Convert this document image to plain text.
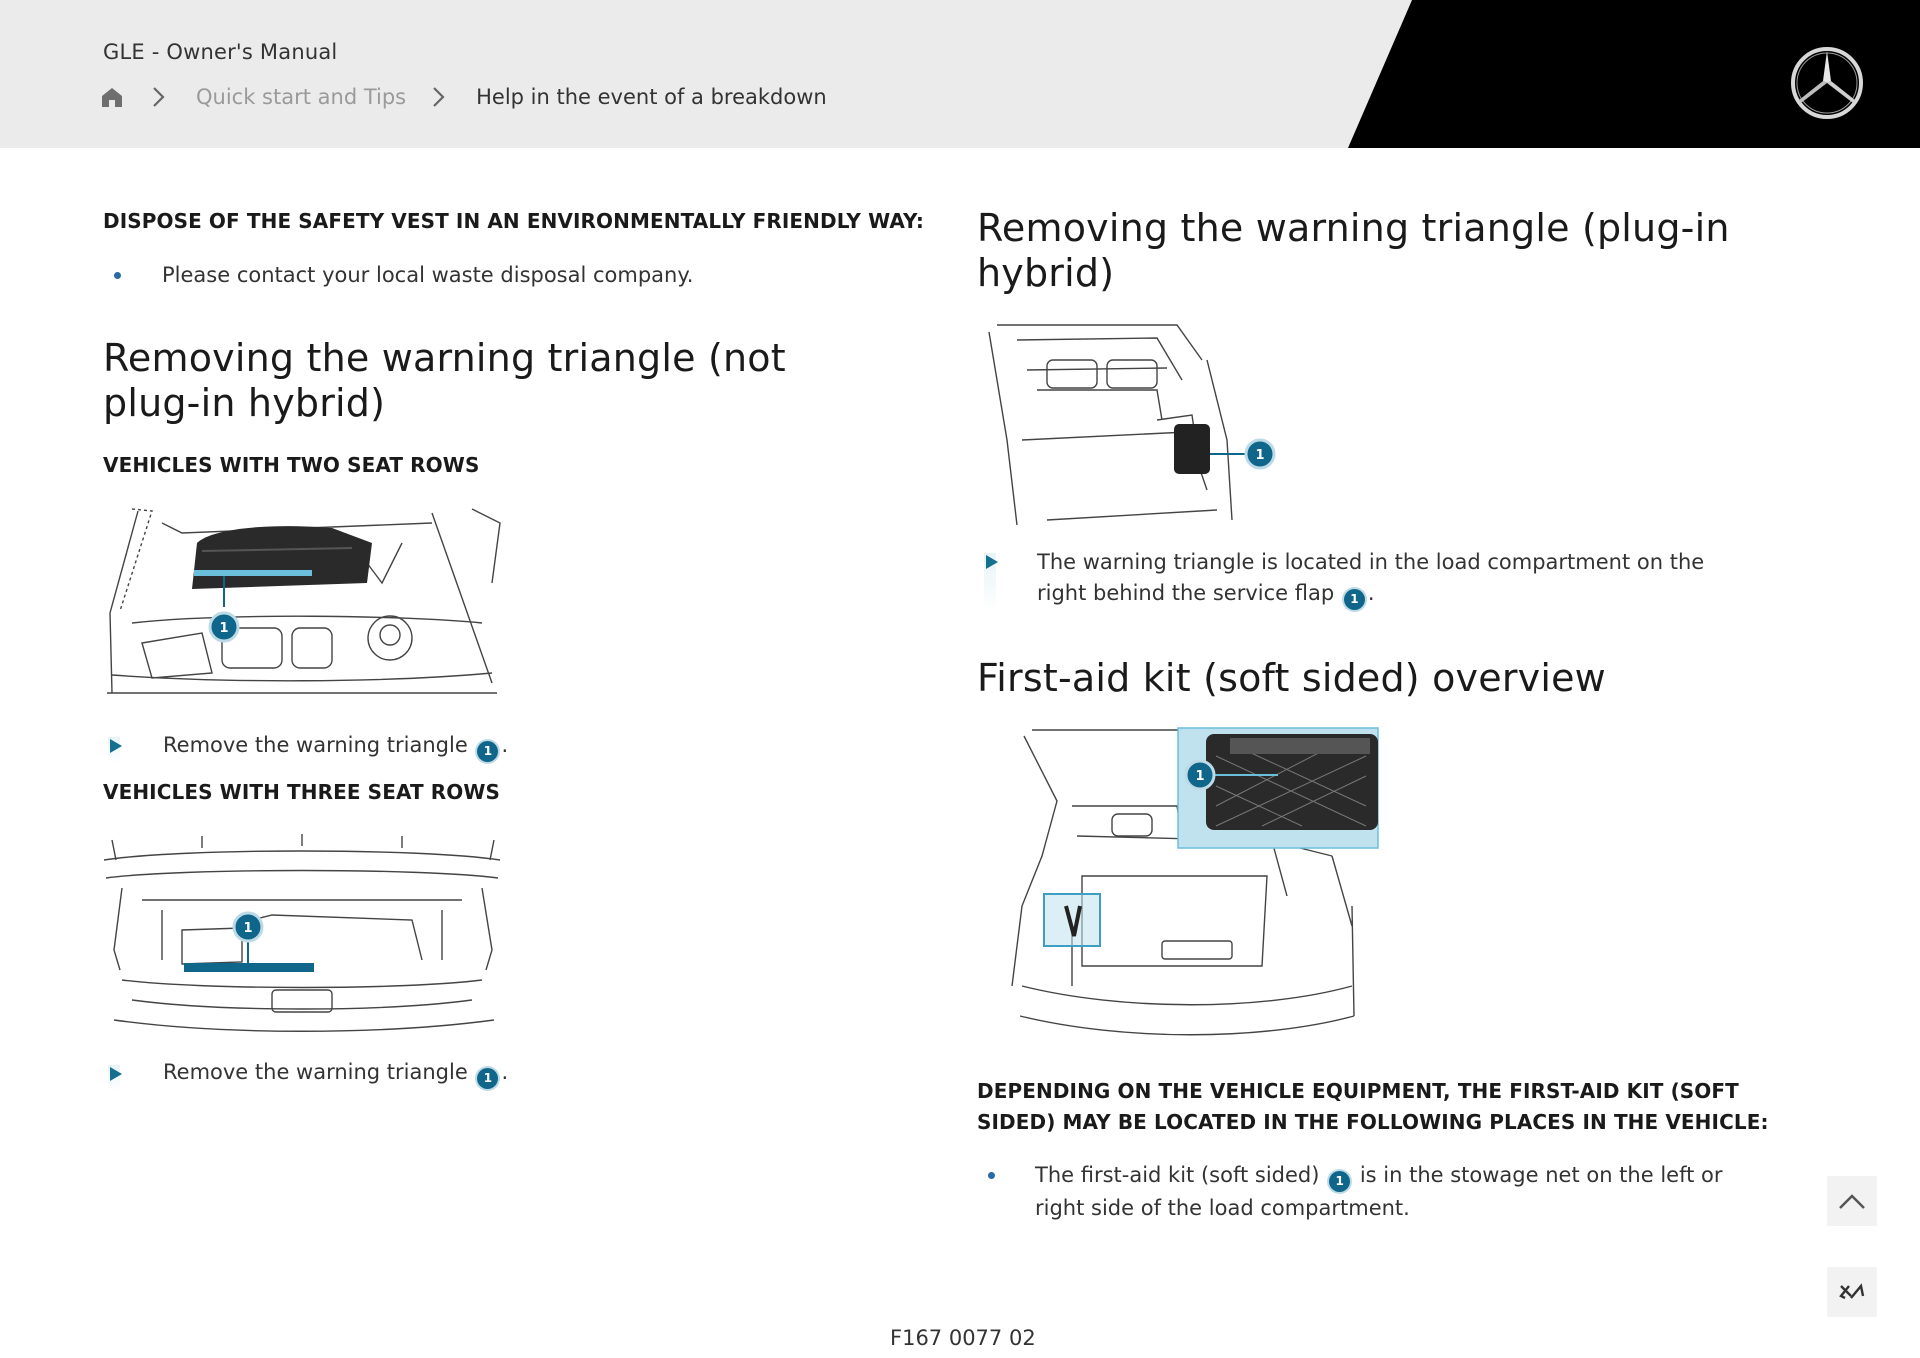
GLE - Owner's Manual
Quick start and Tips	Help in the event of a breakdown
DISPOSE OF THE SAFETY VEST IN AN ENVIRONMENTALLY FRIENDLY WAY:
Please contact your local waste disposal company.
Removing the warning triangle (not plug-in hybrid)
VEHICLES WITH TWO SEAT ROWS
1
Remove the warning triangle 1 .
VEHICLES WITH THREE SEAT ROWS
1
Remove the warning triangle 1 .
Removing the warning triangle (plug-in hybrid)
1
The warning triangle is located in the load compartment on the right behind the service flap 1 .
First-aid kit (soft sided) overview
1
DEPENDING ON THE VEHICLE EQUIPMENT, THE FIRST-AID KIT (SOFT SIDED) MAY BE LOCATED IN THE FOLLOWING PLACES IN THE VEHICLE:
The first-aid kit (soft sided) 1 is in the stowage net on the left or right side of the load compartment.
F167 0077 02
